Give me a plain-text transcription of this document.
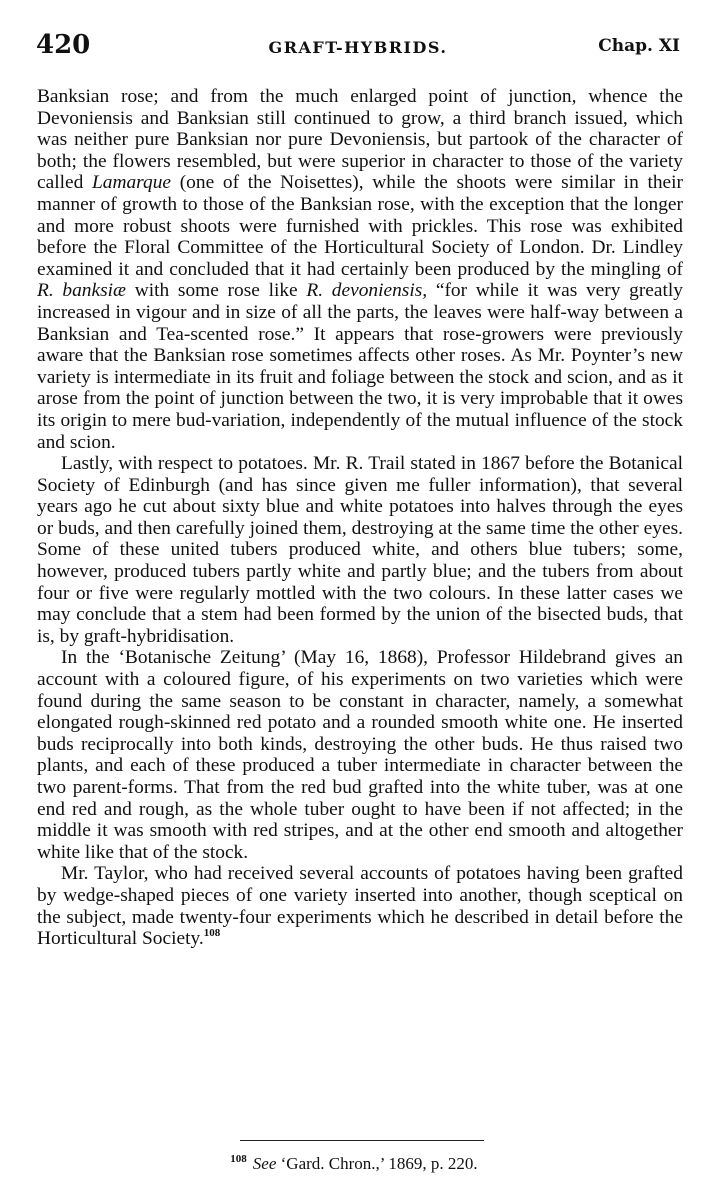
420	GRAFT-HYBRIDS.	Chap. XI

Banksian rose; and from the much enlarged point of junction, whence the Devoniensis and Banksian still continued to grow, a third branch issued, which was neither pure Banksian nor pure Devoniensis, but partook of the character of both; the flowers resembled, but were superior in character to those of the variety called Lamarque (one of the Noisettes), while the shoots were similar in their manner of growth to those of the Banksian rose, with the exception that the longer and more robust shoots were furnished with prickles. This rose was exhibited before the Floral Committee of the Horticultural Society of London. Dr. Lindley examined it and concluded that it had certainly been produced by the mingling of R. banksiæ with some rose like R. devoniensis, “for while it was very greatly increased in vigour and in size of all the parts, the leaves were half-way between a Banksian and Tea-scented rose.” It appears that rose-growers were previously aware that the Banksian rose sometimes affects other roses. As Mr. Poynter’s new variety is intermediate in its fruit and foliage between the stock and scion, and as it arose from the point of junction between the two, it is very improbable that it owes its origin to mere bud-variation, independently of the mutual influence of the stock and scion.

Lastly, with respect to potatoes. Mr. R. Trail stated in 1867 before the Botanical Society of Edinburgh (and has since given me fuller information), that several years ago he cut about sixty blue and white potatoes into halves through the eyes or buds, and then carefully joined them, destroying at the same time the other eyes. Some of these united tubers produced white, and others blue tubers; some, however, produced tubers partly white and partly blue; and the tubers from about four or five were regularly mottled with the two colours. In these latter cases we may conclude that a stem had been formed by the union of the bisected buds, that is, by graft-hybridisation.

In the ‘Botanische Zeitung’ (May 16, 1868), Professor Hildebrand gives an account with a coloured figure, of his experiments on two varieties which were found during the same season to be constant in character, namely, a somewhat elongated rough-skinned red potato and a rounded smooth white one. He inserted buds reciprocally into both kinds, destroying the other buds. He thus raised two plants, and each of these produced a tuber intermediate in character between the two parent-forms. That from the red bud grafted into the white tuber, was at one end red and rough, as the whole tuber ought to have been if not affected; in the middle it was smooth with red stripes, and at the other end smooth and altogether white like that of the stock.

Mr. Taylor, who had received several accounts of potatoes having been grafted by wedge-shaped pieces of one variety inserted into another, though sceptical on the subject, made twenty-four experiments which he described in detail before the Horticultural Society.$^{108}$

$^{108}$ See ‘Gard. Chron.,’ 1869, p. 220.
